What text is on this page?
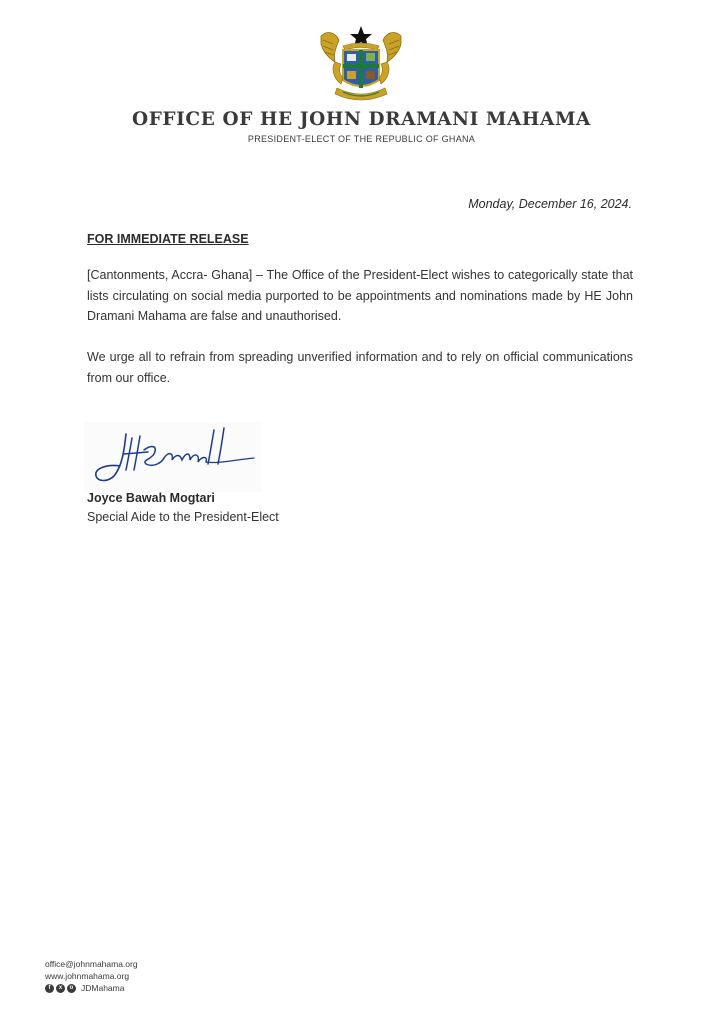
OFFICE OF HE JOHN DRAMANI MAHAMA
PRESIDENT-ELECT OF THE REPUBLIC OF GHANA
Monday, December 16, 2024.
FOR IMMEDIATE RELEASE
[Cantonments, Accra- Ghana] – The Office of the President-Elect wishes to categorically state that lists circulating on social media purported to be appointments and nominations made by HE John Dramani Mahama are false and unauthorised.
We urge all to refrain from spreading unverified information and to rely on official communications from our office.
Joyce Bawah Mogtari
Special Aide to the President-Elect
office@johnmahama.org
www.johnmahama.org
f	x	o JDMahama
